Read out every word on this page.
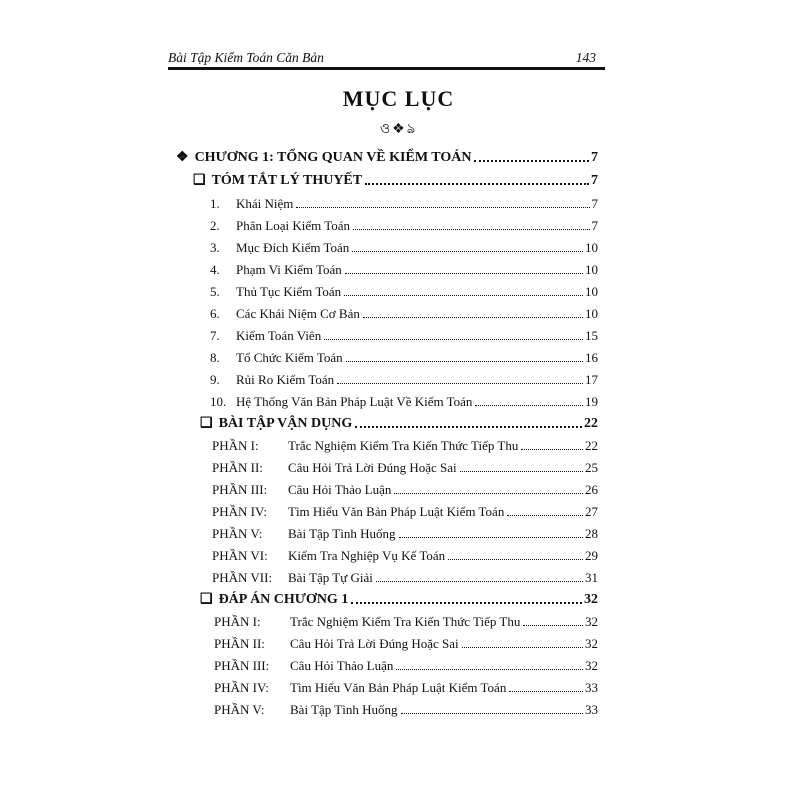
Bài Tập Kiểm Toán Căn Bản	143
MỤC LỤC
ও❖ঌ
❖ CHƯƠNG 1: TỔNG QUAN VỀ KIỂM TOÁN	7
❑ TÓM TẮT LÝ THUYẾT	7
1. Khái Niệm	7
2. Phân Loại Kiểm Toán	7
3. Mục Đích Kiểm Toán	10
4. Phạm Vi Kiểm Toán	10
5. Thủ Tục Kiểm Toán	10
6. Các Khái Niệm Cơ Bản	10
7. Kiểm Toán Viên	15
8. Tổ Chức Kiểm Toán	16
9. Rủi Ro Kiểm Toán	17
10. Hệ Thống Văn Bản Pháp Luật Về Kiểm Toán	19
❑ BÀI TẬP VẬN DỤNG	22
PHẦN I: Trắc Nghiệm Kiểm Tra Kiến Thức Tiếp Thu	22
PHẦN II: Câu Hỏi Trả Lời Đúng Hoặc Sai	25
PHẦN III: Câu Hỏi Thảo Luận	26
PHẦN IV: Tìm Hiểu Văn Bản Pháp Luật Kiểm Toán	27
PHẦN V: Bài Tập Tình Huống	28
PHẦN VI: Kiểm Tra Nghiệp Vụ Kế Toán	29
PHẦN VII: Bài Tập Tự Giải	31
❑ ĐÁP ÁN CHƯƠNG 1	32
PHẦN I: Trắc Nghiệm Kiểm Tra Kiến Thức Tiếp Thu	32
PHẦN II: Câu Hỏi Trả Lời Đúng Hoặc Sai	32
PHẦN III: Câu Hỏi Thảo Luận	32
PHẦN IV: Tìm Hiểu Văn Bản Pháp Luật Kiểm Toán	33
PHẦN V: Bài Tập Tình Huống	33
